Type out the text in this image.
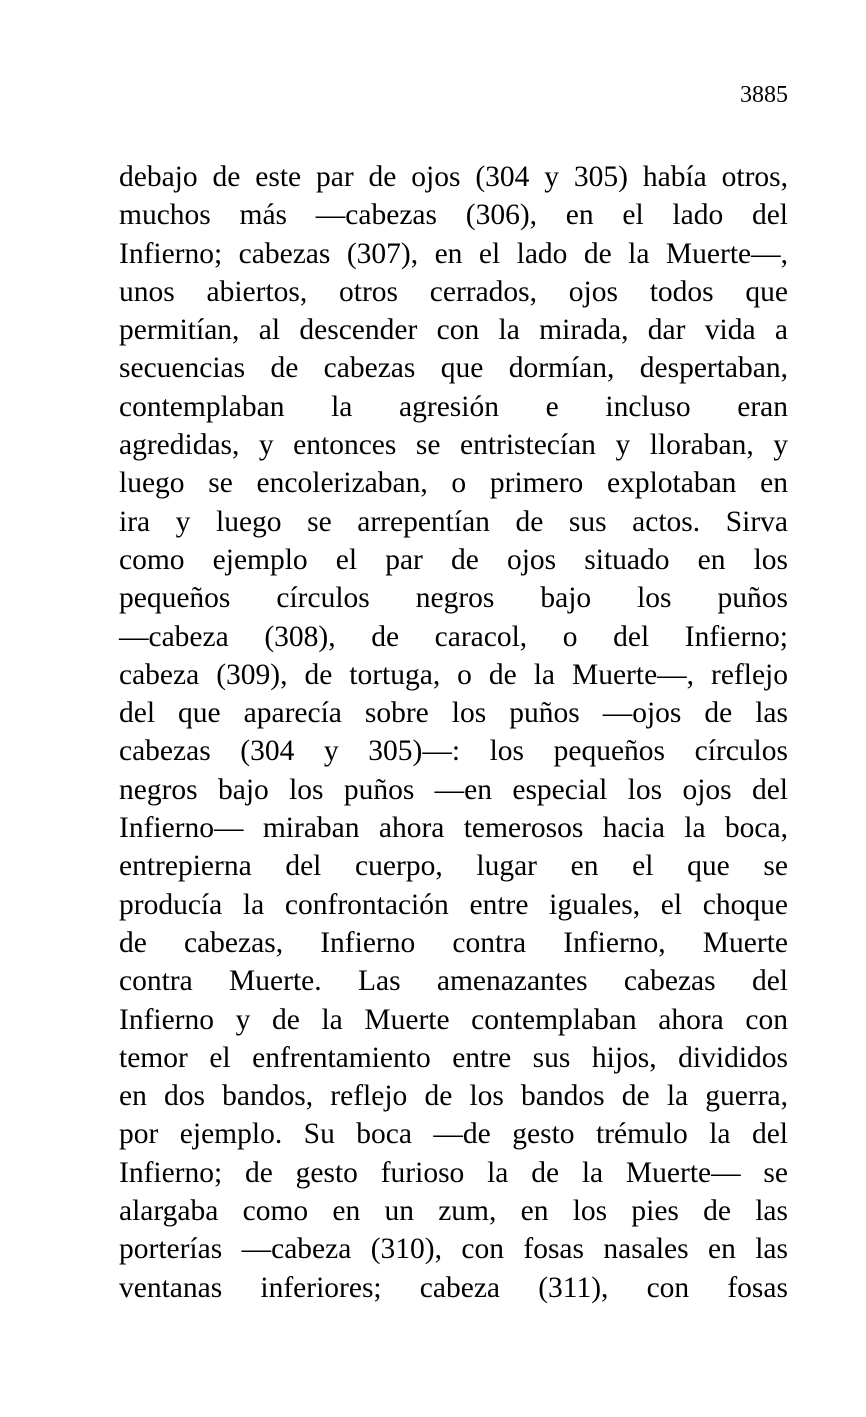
3885
debajo de este par de ojos (304 y 305) había otros,
muchos más —cabezas (306), en el lado del
Infierno; cabezas (307), en el lado de la Muerte—,
unos abiertos, otros cerrados, ojos todos que
permitían, al descender con la mirada, dar vida a
secuencias de cabezas que dormían, despertaban,
contemplaban la agresión e incluso eran
agredidas, y entonces se entristecían y lloraban, y
luego se encolerizaban, o primero explotaban en
ira y luego se arrepentían de sus actos. Sirva
como ejemplo el par de ojos situado en los
pequeños círculos negros bajo los puños
—cabeza (308), de caracol, o del Infierno;
cabeza (309), de tortuga, o de la Muerte—, reflejo
del que aparecía sobre los puños —ojos de las
cabezas (304 y 305)—: los pequeños círculos
negros bajo los puños —en especial los ojos del
Infierno— miraban ahora temerosos hacia la boca,
entrepierna del cuerpo, lugar en el que se
producía la confrontación entre iguales, el choque
de cabezas, Infierno contra Infierno, Muerte
contra Muerte. Las amenazantes cabezas del
Infierno y de la Muerte contemplaban ahora con
temor el enfrentamiento entre sus hijos, divididos
en dos bandos, reflejo de los bandos de la guerra,
por ejemplo. Su boca —de gesto trémulo la del
Infierno; de gesto furioso la de la Muerte— se
alargaba como en un zum, en los pies de las
porterías —cabeza (310), con fosas nasales en las
ventanas inferiores; cabeza (311), con fosas
